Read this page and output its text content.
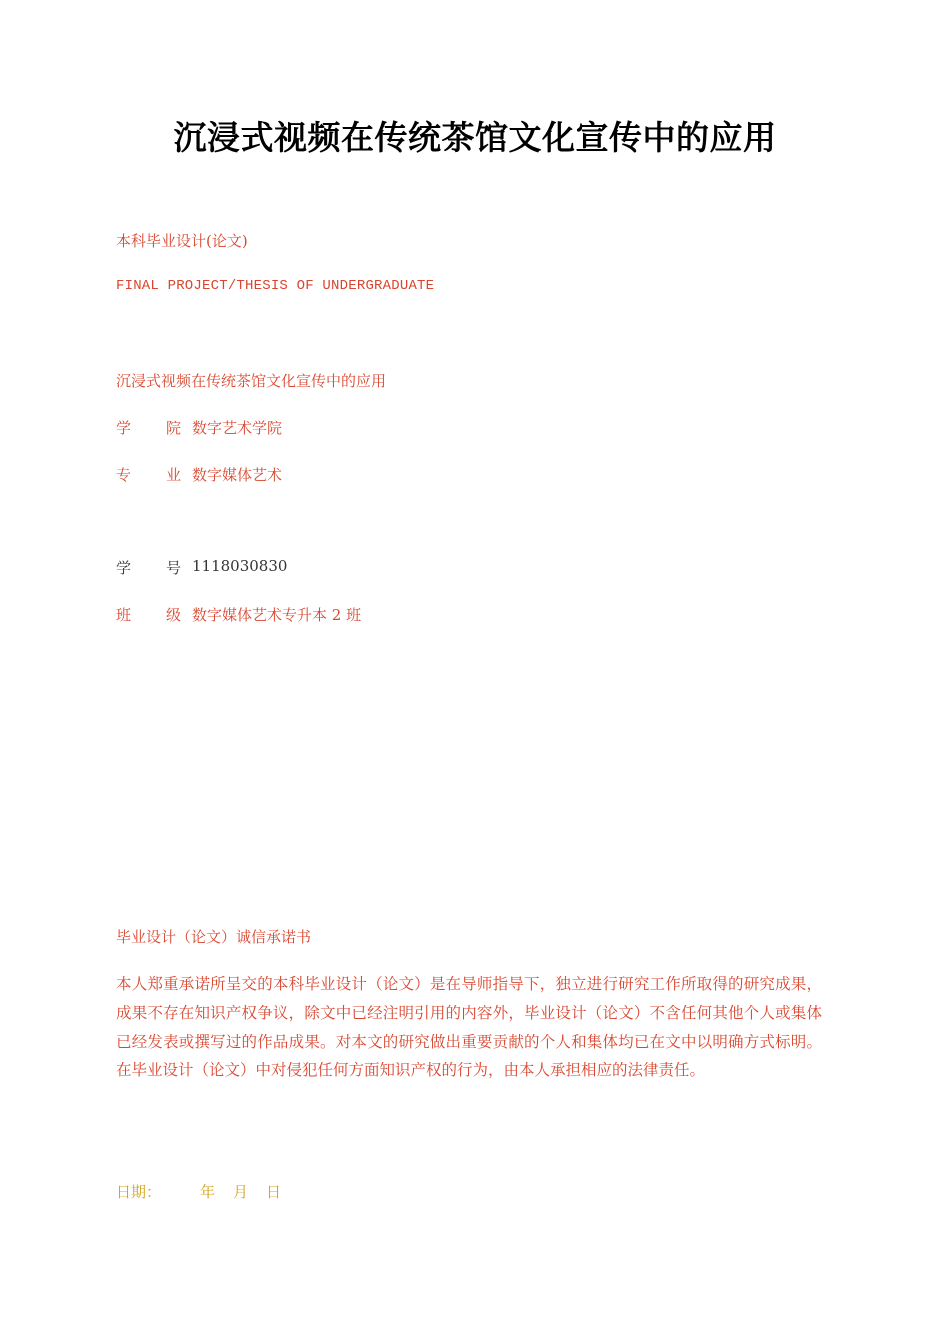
沉浸式视频在传统茶馆文化宣传中的应用
本科毕业设计(论文)
FINAL PROJECT/THESIS OF UNDERGRADUATE
沉浸式视频在传统茶馆文化宣传中的应用
学	院 数字艺术学院
专	业 数字媒体艺术
学	号 1118030830
班	级 数字媒体艺术专升本 2 班
毕业设计（论文）诚信承诺书
本人郑重承诺所呈交的本科毕业设计（论文）是在导师指导下，独立进行研究工作所取得的研究成果，成果不存在知识产权争议，除文中已经注明引用的内容外，毕业设计（论文）不含任何其他个人或集体已经发表或撰写过的作品成果。对本文的研究做出重要贡献的个人和集体均已在文中以明确方式标明。在毕业设计（论文）中对侵犯任何方面知识产权的行为，由本人承担相应的法律责任。
日期：	年	月	日
